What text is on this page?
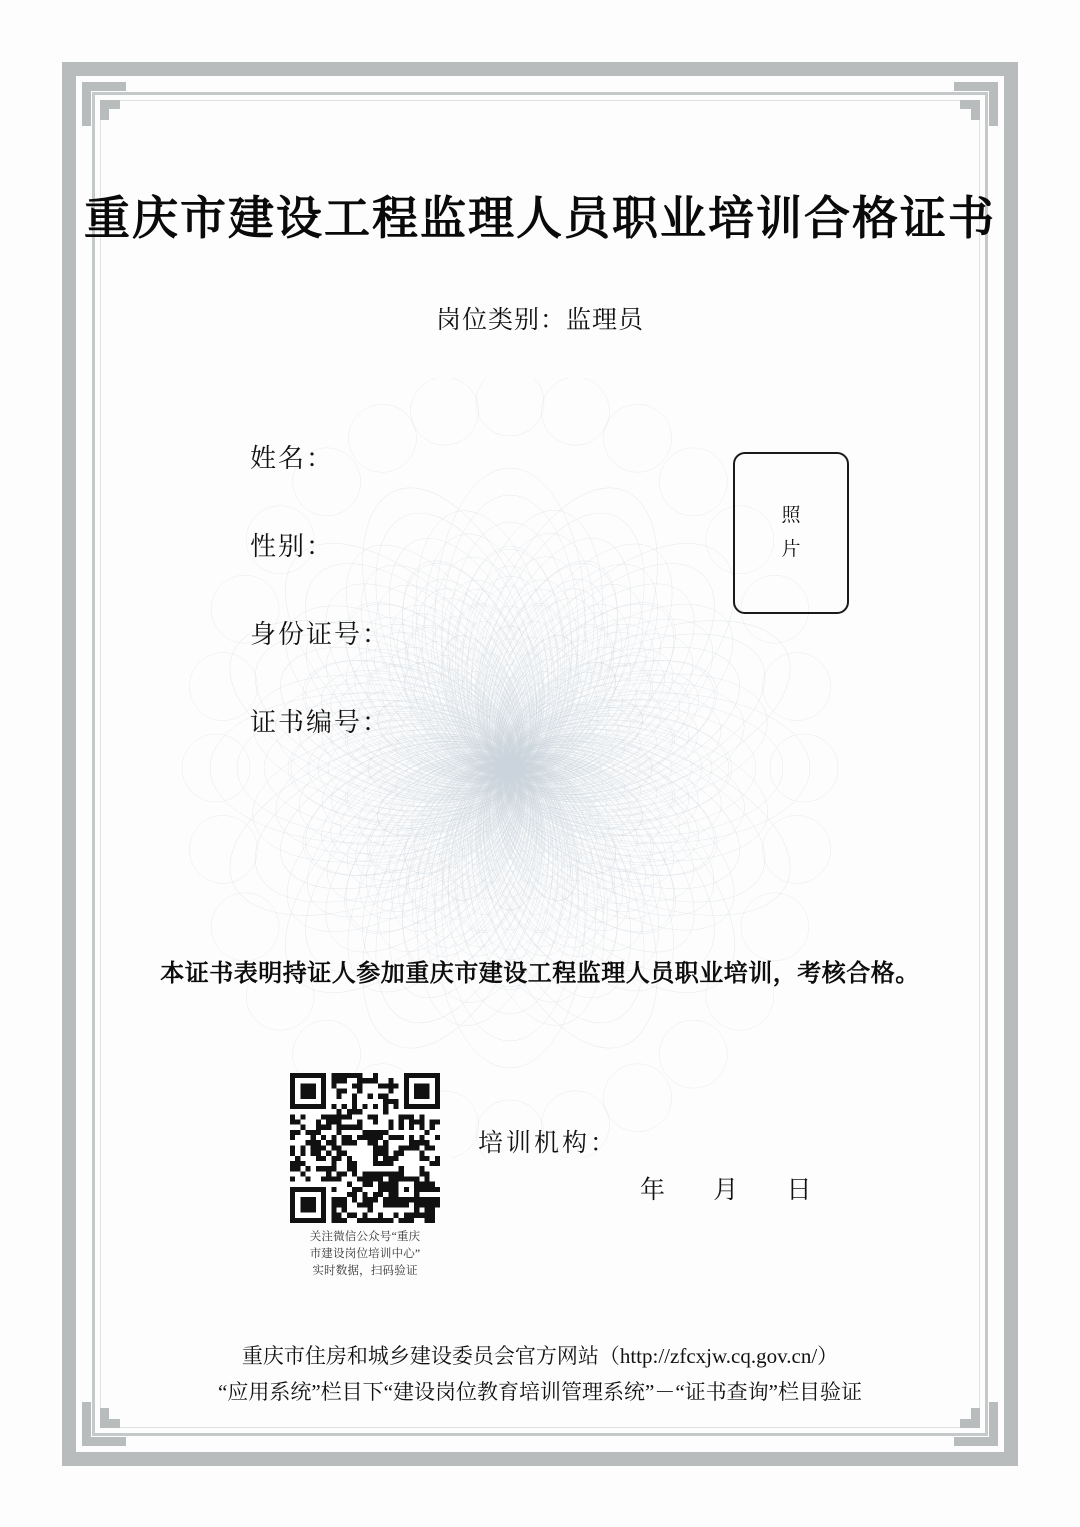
重庆市建设工程监理人员职业培训合格证书
岗位类别：监理员
姓名：
性别：
身份证号：
证书编号：
照
片
本证书表明持证人参加重庆市建设工程监理人员职业培训，考核合格。
关注微信公众号“重庆
市建设岗位培训中心”
实时数据，扫码验证
培训机构：
年 月 日
重庆市住房和城乡建设委员会官方网站（http://zfcxjw.cq.gov.cn/）
“应用系统”栏目下“建设岗位教育培训管理系统”－“证书查询”栏目验证
